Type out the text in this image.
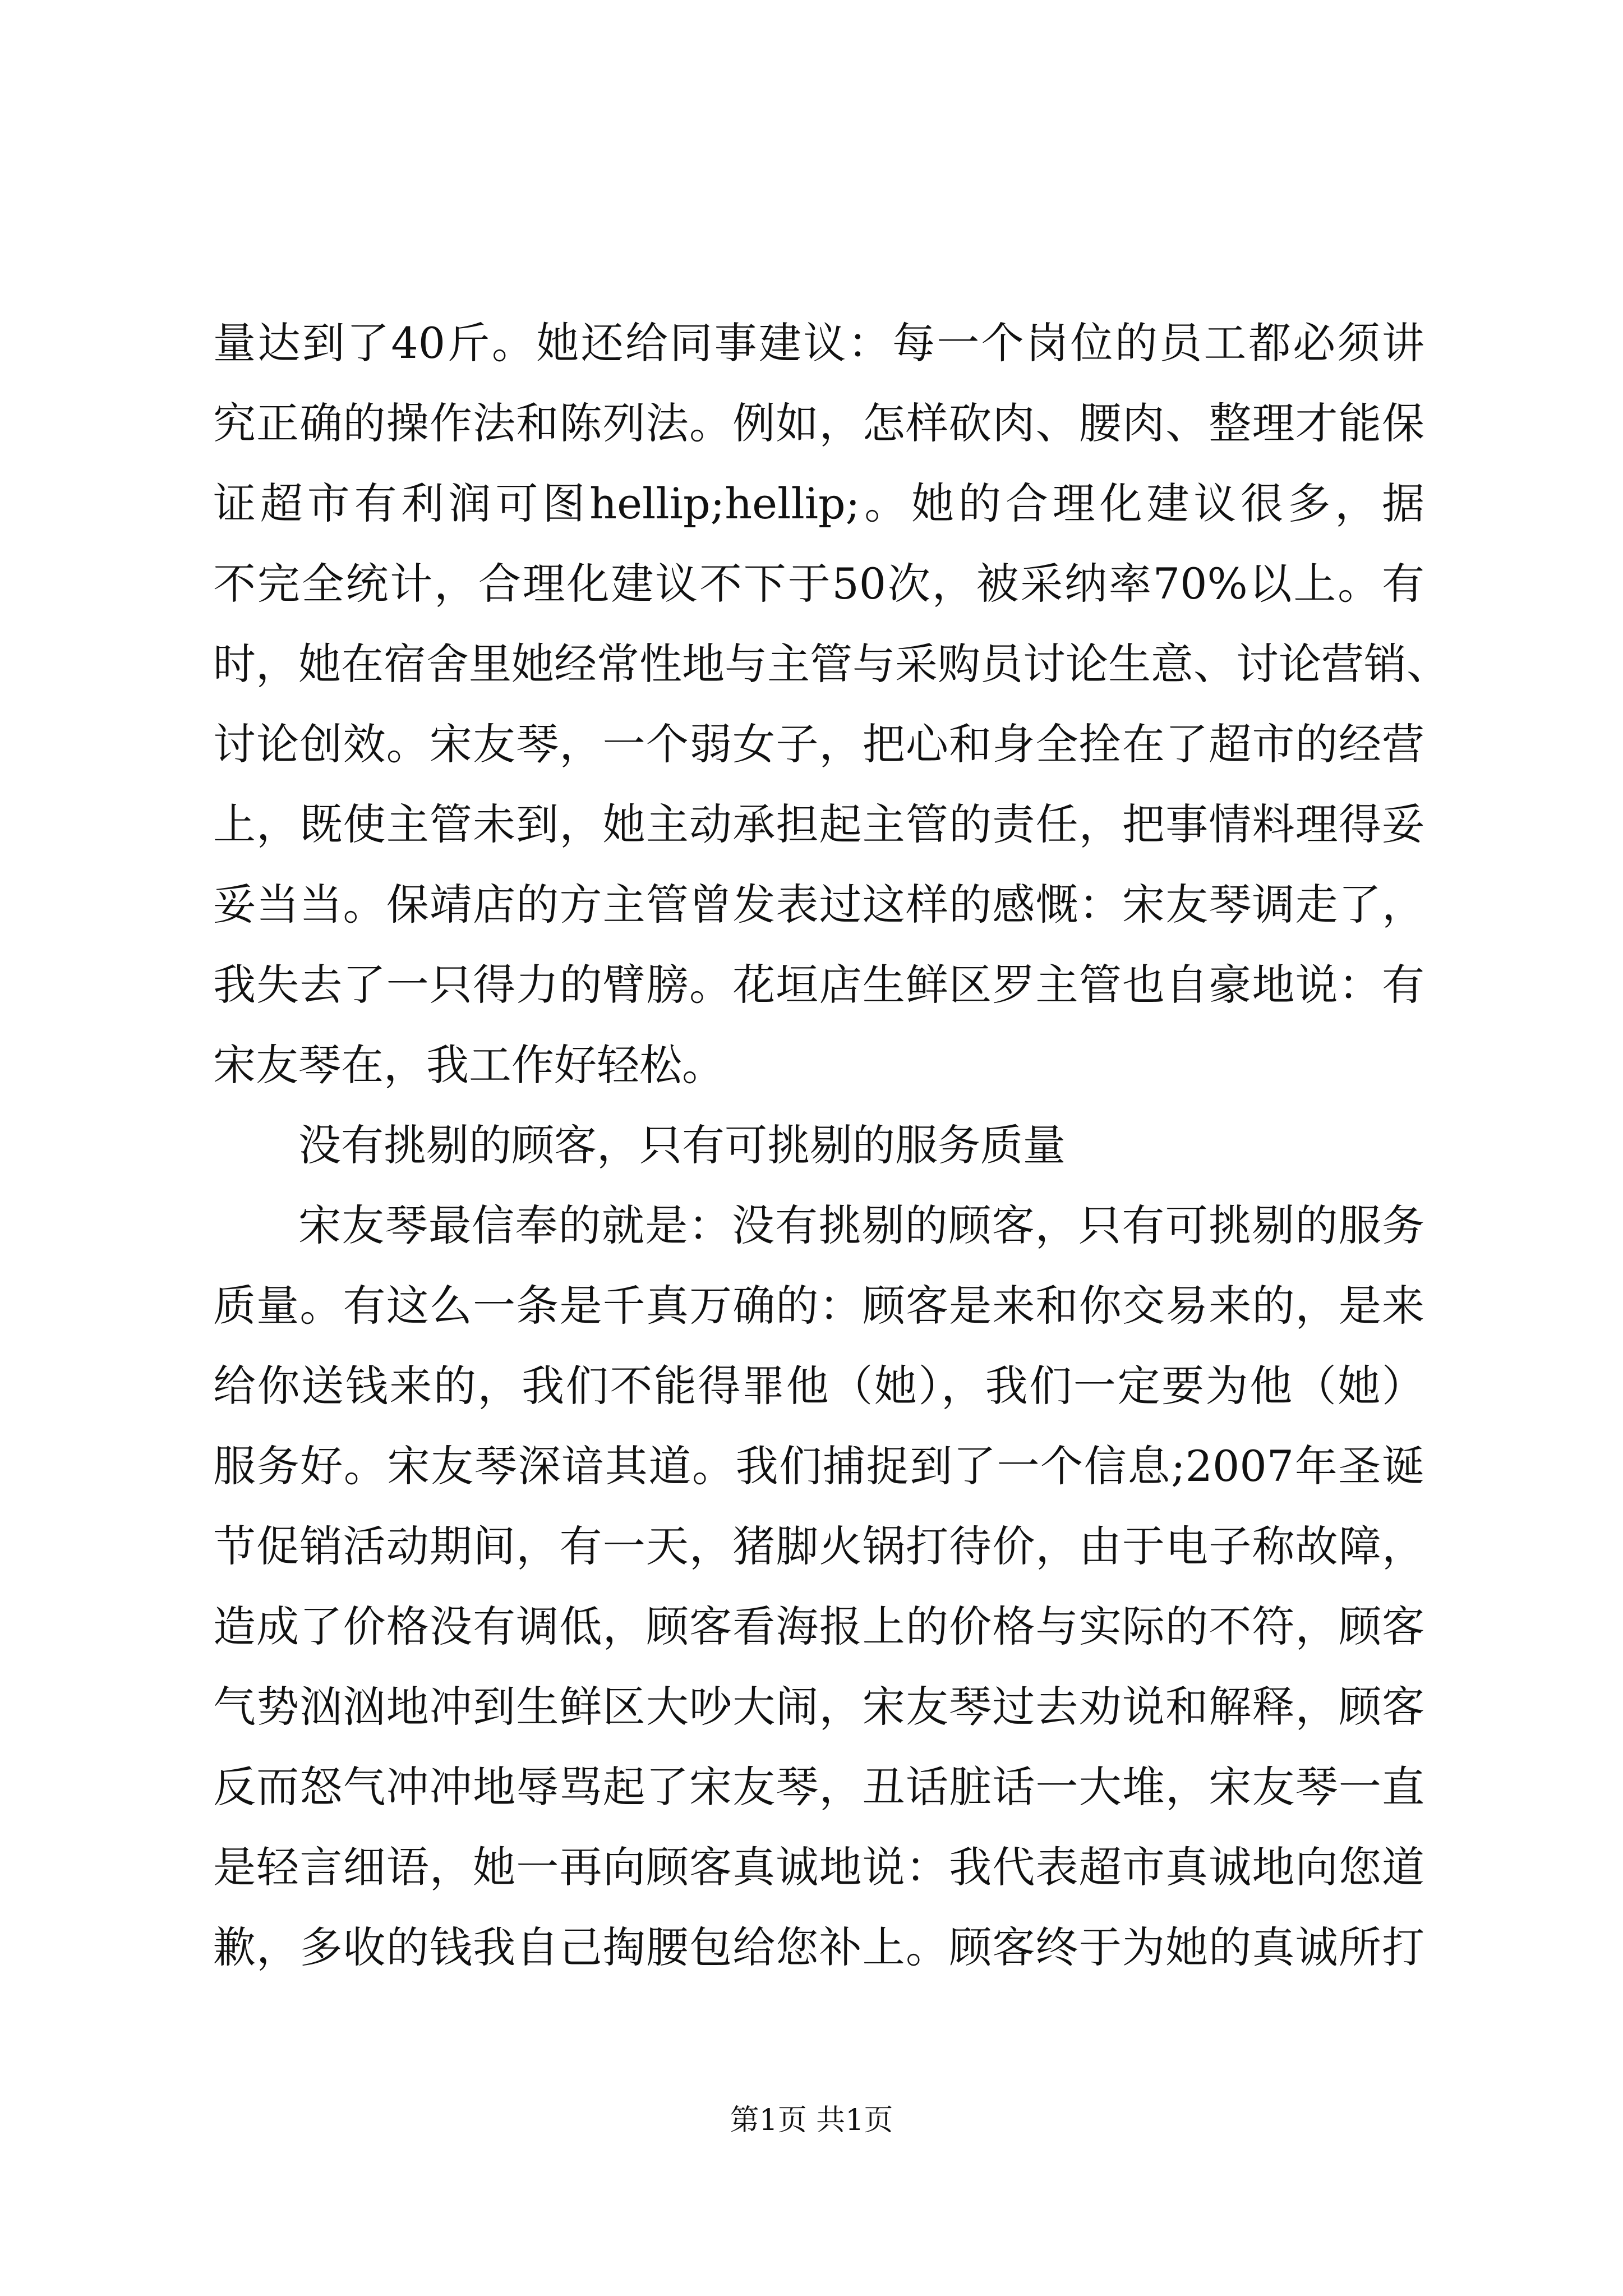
量达到了40斤。她还给同事建议：每一个岗位的员工都必须讲
究正确的操作法和陈列法。例如，怎样砍肉、腰肉、整理才能保
证超市有利润可图hellip;hellip;。她的合理化建议很多，据
不完全统计，合理化建议不下于50次，被采纳率70%以上。有
时，她在宿舍里她经常性地与主管与采购员讨论生意、讨论营销、
讨论创效。宋友琴，一个弱女子，把心和身全拴在了超市的经营
上，既使主管未到，她主动承担起主管的责任，把事情料理得妥
妥当当。保靖店的方主管曾发表过这样的感慨：宋友琴调走了，
我失去了一只得力的臂膀。花垣店生鲜区罗主管也自豪地说：有
宋友琴在，我工作好轻松。
没有挑剔的顾客，只有可挑剔的服务质量
宋友琴最信奉的就是：没有挑剔的顾客，只有可挑剔的服务
质量。有这么一条是千真万确的：顾客是来和你交易来的，是来
给你送钱来的，我们不能得罪他（她），我们一定要为他（她）
服务好。宋友琴深谙其道。我们捕捉到了一个信息;2007年圣诞
节促销活动期间，有一天，猪脚火锅打待价，由于电子称故障，
造成了价格没有调低，顾客看海报上的价格与实际的不符，顾客
气势汹汹地冲到生鲜区大吵大闹，宋友琴过去劝说和解释，顾客
反而怒气冲冲地辱骂起了宋友琴，丑话脏话一大堆，宋友琴一直
是轻言细语，她一再向顾客真诚地说：我代表超市真诚地向您道
歉，多收的钱我自己掏腰包给您补上。顾客终于为她的真诚所打
第1页 共1页
